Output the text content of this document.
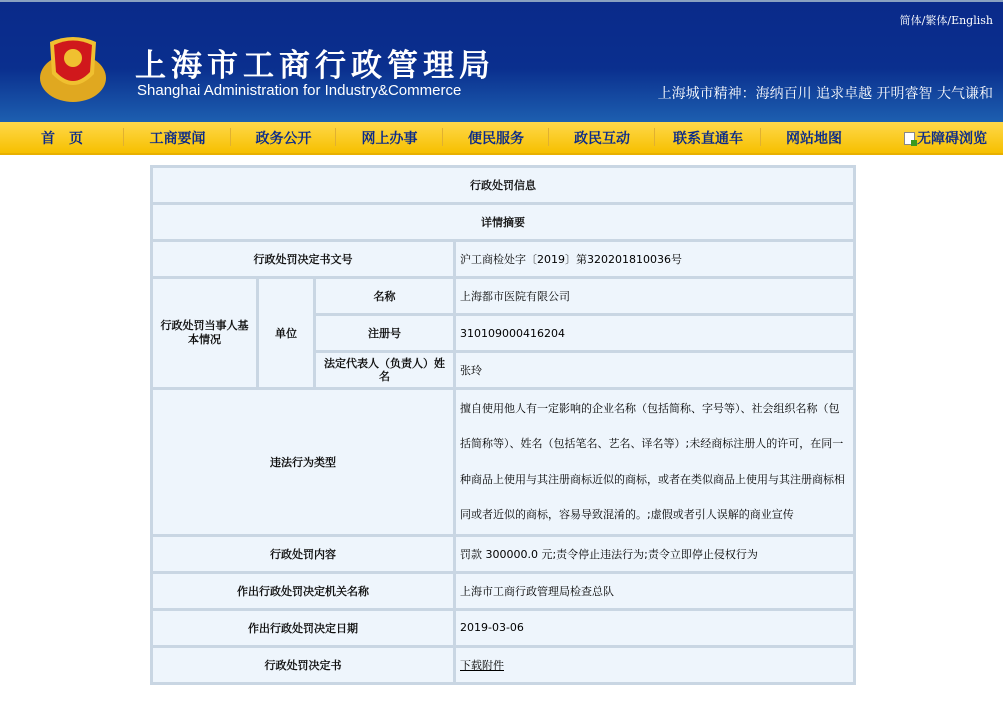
上海市工商行政管理局
Shanghai Administration for Industry&Commerce
简体/繁体/English
上海城市精神：海纳百川 追求卓越 开明睿智 大气谦和
首　页	工商要闻	政务公开	网上办事	便民服务	政民互动	联系直通车	网站地图	无障碍浏览
行政处罚信息			
详情摘要			
行政处罚决定书文号			沪工商检处字〔2019〕第320201810036号
行政处罚当事人基本情况	单位	名称	上海都市医院有限公司
		注册号	310109000416204
		法定代表人（负责人）姓名	张玲
违法行为类型			擅自使用他人有一定影响的企业名称（包括简称、字号等）、社会组织名称（包括简称等）、姓名（包括笔名、艺名、译名等）;未经商标注册人的许可，在同一种商品上使用与其注册商标近似的商标，或者在类似商品上使用与其注册商标相同或者近似的商标，容易导致混淆的。;虚假或者引人误解的商业宣传
行政处罚内容			罚款 300000.0 元;责令停止违法行为;责令立即停止侵权行为
作出行政处罚决定机关名称			上海市工商行政管理局检查总队
作出行政处罚决定日期			2019-03-06
行政处罚决定书			下载附件
